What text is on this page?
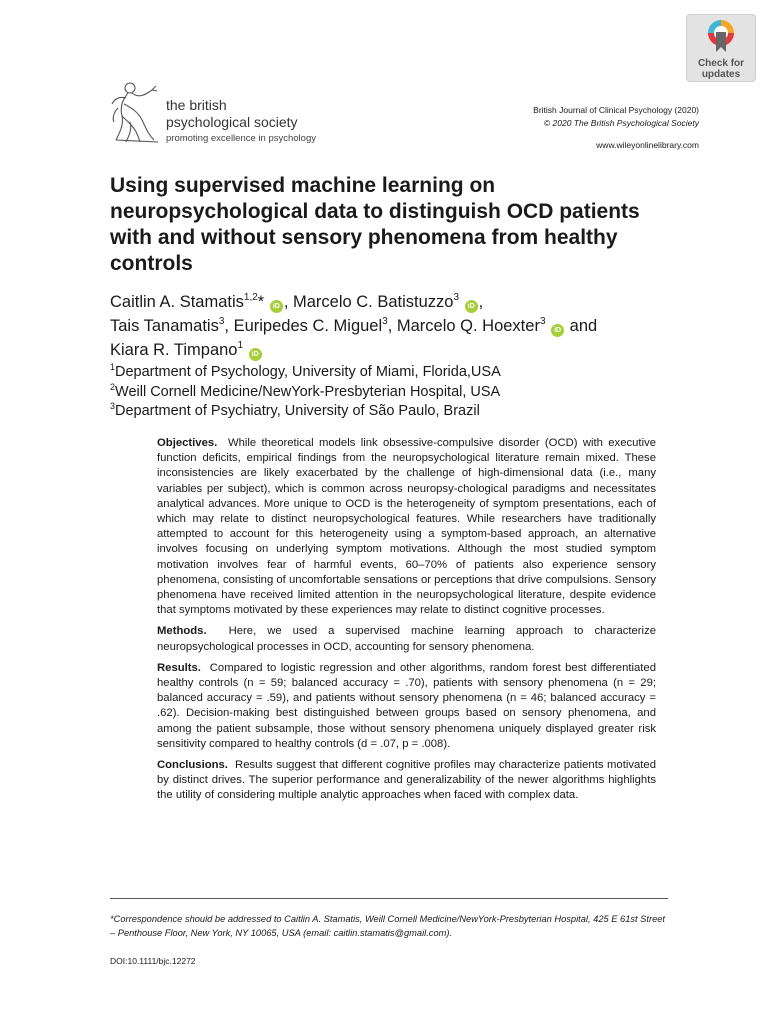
the british
psychological society
promoting excellence in psychology
Check for
updates
British Journal of Clinical Psychology (2020)
© 2020 The British Psychological Society
www.wileyonlinelibrary.com
Using supervised machine learning on neuropsychological data to distinguish OCD patients with and without sensory phenomena from healthy controls
Caitlin A. Stamatis$^{1,2}$* iD , Marcelo C. Batistuzzo$^3$ iD ,
Tais Tanamatis$^3$, Euripedes C. Miguel$^3$, Marcelo Q. Hoexter$^3$ iD and
Kiara R. Timpano$^1$ iD
$^1$Department of Psychology, University of Miami, Florida,USA
$^2$Weill Cornell Medicine/NewYork-Presbyterian Hospital, USA
$^3$Department of Psychiatry, University of São Paulo, Brazil

Objectives. While theoretical models link obsessive-compulsive disorder (OCD) with executive function deficits, empirical findings from the neuropsychological literature remain mixed. These inconsistencies are likely exacerbated by the challenge of high-dimensional data (i.e., many variables per subject), which is common across neuropsy-chological paradigms and necessitates analytical advances. More unique to OCD is the heterogeneity of symptom presentations, each of which may relate to distinct neuropsychological features. While researchers have traditionally attempted to account for this heterogeneity using a symptom-based approach, an alternative involves focusing on underlying symptom motivations. Although the most studied symptom motivation involves fear of harmful events, 60–70% of patients also experience sensory phenomena, consisting of uncomfortable sensations or perceptions that drive compulsions. Sensory phenomena have received limited attention in the neuropsychological literature, despite evidence that symptoms motivated by these experiences may relate to distinct cognitive processes.

Methods. Here, we used a supervised machine learning approach to characterize neuropsychological processes in OCD, accounting for sensory phenomena.

Results. Compared to logistic regression and other algorithms, random forest best differentiated healthy controls (n = 59; balanced accuracy = .70), patients with sensory phenomena (n = 29; balanced accuracy = .59), and patients without sensory phenomena (n = 46; balanced accuracy = .62). Decision-making best distinguished between groups based on sensory phenomena, and among the patient subsample, those without sensory phenomena uniquely displayed greater risk sensitivity compared to healthy controls (d = .07, p = .008).

Conclusions. Results suggest that different cognitive profiles may characterize patients motivated by distinct drives. The superior performance and generalizability of the newer algorithms highlights the utility of considering multiple analytic approaches when faced with complex data.

*Correspondence should be addressed to Caitlin A. Stamatis, Weill Cornell Medicine/NewYork-Presbyterian Hospital, 425 E 61st Street – Penthouse Floor, New York, NY 10065, USA (email: caitlin.stamatis@gmail.com).
DOI:10.1111/bjc.12272
